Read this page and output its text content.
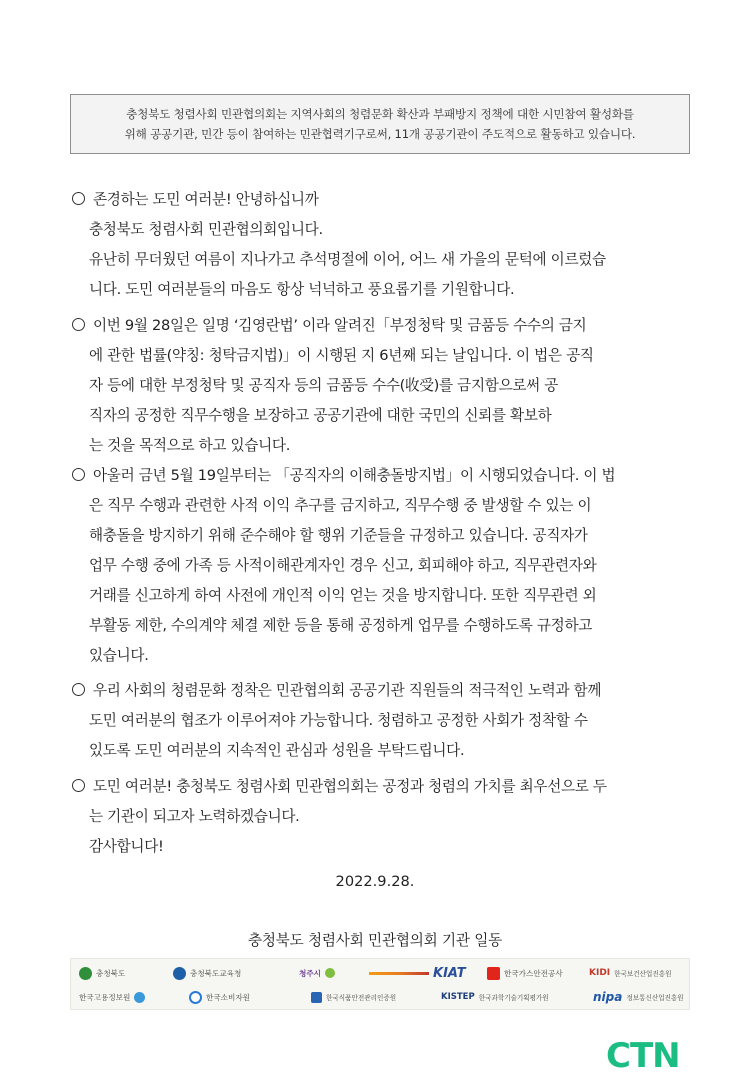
충청북도 청렴사회 민관협의회는 지역사회의 청렴문화 확산과 부패방지 정책에 대한 시민참여 활성화를

위해 공공기관, 민간 등이 참여하는 민관협력기구로써, 11개 공공기관이 주도적으로 활동하고 있습니다.

존경하는 도민 여러분! 안녕하십니까
충청북도 청렴사회 민관협의회입니다.
유난히 무더웠던 여름이 지나가고 추석명절에 이어, 어느 새 가을의 문턱에 이르렀습
니다. 도민 여러분들의 마음도 항상 넉넉하고 풍요롭기를 기원합니다.
이번 9월 28일은 일명 ‘김영란법’ 이라 알려진「부정청탁 및 금품등 수수의 금지
에 관한 법률(약칭: 청탁금지법)」이 시행된 지 6년째 되는 날입니다. 이 법은 공직
자 등에 대한 부정청탁 및 공직자 등의 금품등 수수(收受)를 금지함으로써 공
직자의 공정한 직무수행을 보장하고 공공기관에 대한 국민의 신뢰를 확보하
는 것을 목적으로 하고 있습니다.
아울러 금년 5월 19일부터는 「공직자의 이해충돌방지법」이 시행되었습니다. 이 법
은 직무 수행과 관련한 사적 이익 추구를 금지하고, 직무수행 중 발생할 수 있는 이
해충돌을 방지하기 위해 준수해야 할 행위 기준들을 규정하고 있습니다. 공직자가
업무 수행 중에 가족 등 사적이해관계자인 경우 신고, 회피해야 하고, 직무관련자와
거래를 신고하게 하여 사전에 개인적 이익 얻는 것을 방지합니다. 또한 직무관련 외
부활동 제한, 수의계약 체결 제한 등을 통해 공정하게 업무를 수행하도록 규정하고
있습니다.
우리 사회의 청렴문화 정착은 민관협의회 공공기관 직원들의 적극적인 노력과 함께
도민 여러분의 협조가 이루어져야 가능합니다. 청렴하고 공정한 사회가 정착할 수
있도록 도민 여러분의 지속적인 관심과 성원을 부탁드립니다.
도민 여러분! 충청북도 청렴사회 민관협의회는 공정과 청렴의 가치를 최우선으로 두
는 기관이 되고자 노력하겠습니다.
감사합니다!
2022.9.28.
충청북도 청렴사회 민관협의회 기관 일동
충청북도	충청북도교육청	청주시	KIAT	한국가스안전공사	KIDI 한국보건산업진흥원
한국고용정보원	한국소비자원	한국식품안전관리인증원	KISTEP 한국과학기술기획평가원	nipa 정보통신산업진흥원
CTN
